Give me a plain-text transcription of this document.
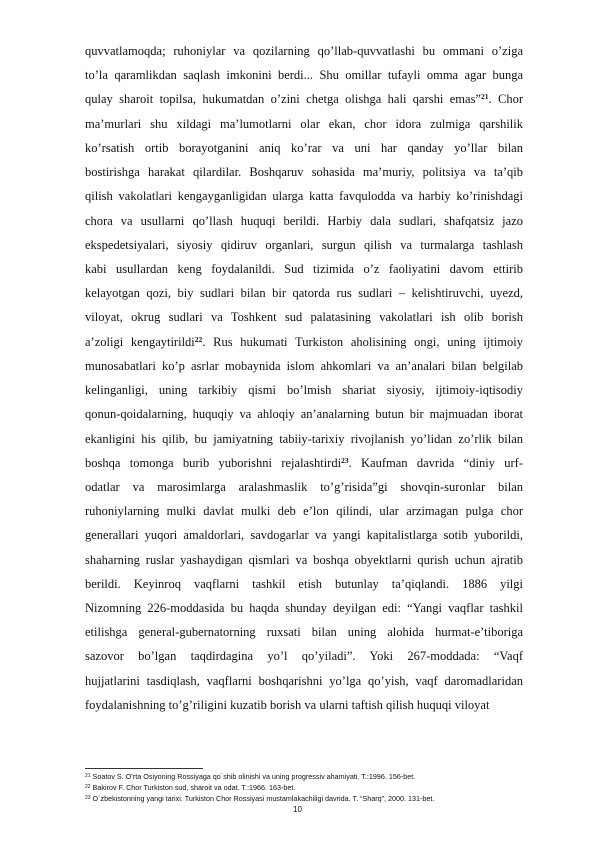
quvvatlamoqda; ruhoniylar va qozilarning qo’llab-quvvatlashi bu ommani o’ziga
to’la qaramlikdan saqlash imkonini berdi... Shu omillar tufayli omma agar bunga
qulay sharoit topilsa, hukumatdan o’zini chetga olishga hali qarshi emas”$^{21}$. Chor
ma’murlari shu xildagi ma’lumotlarni olar ekan, chor idora zulmiga qarshilik
ko’rsatish ortib borayotganini aniq ko’rar va uni har qanday yo’llar bilan
bostirishga harakat qilardilar. Boshqaruv sohasida ma’muriy, politsiya va ta’qib
qilish vakolatlari kengayganligidan ularga katta favqulodda va harbiy ko’rinishdagi
chora va usullarni qo’llash huquqi berildi. Harbiy dala sudlari, shafqatsiz jazo
ekspedetsiyalari, siyosiy qidiruv organlari, surgun qilish va turmalarga tashlash
kabi usullardan keng foydalanildi. Sud tizimida o’z faoliyatini davom ettirib
kelayotgan qozi, biy sudlari bilan bir qatorda rus sudlari – kelishtiruvchi, uyezd,
viloyat, okrug sudlari va Toshkent sud palatasining vakolatlari ish olib borish
a’zoligi kengaytirildi$^{22}$. Rus hukumati Turkiston aholisining ongi, uning ijtimoiy
munosabatlari ko’p asrlar mobaynida islom ahkomlari va an’analari bilan belgilab
kelinganligi, uning tarkibiy qismi bo’lmish shariat siyosiy, ijtimoiy-iqtisodiy
qonun-qoidalarning, huquqiy va ahloqiy an’analarning butun bir majmuadan iborat
ekanligini his qilib, bu jamiyatning tabiiy-tarixiy rivojlanish yo’lidan zo’rlik bilan
boshqa tomonga burib yuborishni rejalashtirdi$^{23}$. Kaufman davrida “diniy urf-
odatlar va marosimlarga aralashmaslik to’g’risida”gi shovqin-suronlar bilan
ruhoniylarning mulki davlat mulki deb e’lon qilindi, ular arzimagan pulga chor
generallari yuqori amaldorlari, savdogarlar va yangi kapitalistlarga sotib yuborildi,
shaharning ruslar yashaydigan qismlari va boshqa obyektlarni qurish uchun ajratib
berildi. Keyinroq vaqflarni tashkil etish butunlay ta’qiqlandi. 1886 yilgi
Nizomning 226-moddasida bu haqda shunday deyilgan edi: “Yangi vaqflar tashkil
etilishga general-gubernatorning ruxsati bilan uning alohida hurmat-e’tiboriga
sazovor bo’lgan taqdirdagina yo’l qo’yiladi”. Yoki 267-moddada: “Vaqf
hujjatlarini tasdiqlash, vaqflarni boshqarishni yo’lga qo’yish, vaqf daromadlaridan
foydalanishning to’g’riligini kuzatib borish va ularni taftish qilish huquqi viloyat
$^{21}$ Soatov S. O’rta Osiyoning Rossiyaga qo`shib olinishi va uning progressiv ahamiyati. T.:1996. 156-bet.
$^{22}$ Bakirov F. Chor Turkiston sud, sharoit va odat. T.:1966. 163-bet.
$^{23}$ O`zbekistonning yangi tarixi. Turkiston Chor Rossiyasi mustamlakachiligi davrida. T. “Sharq”, 2000. 131-bet.
10
